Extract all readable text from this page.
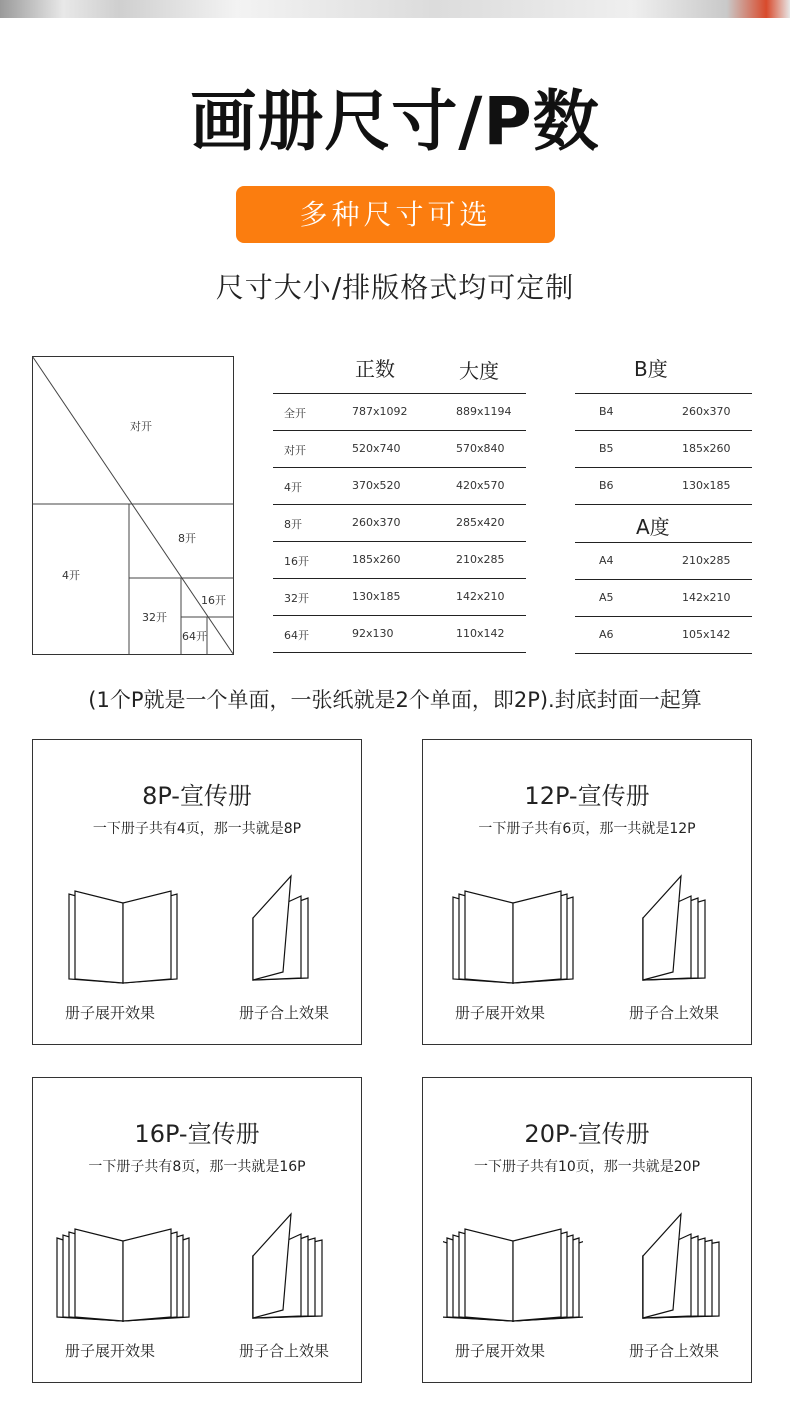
画册尺寸/P数
多种尺寸可选
尺寸大小/排版格式均可定制
对开
8开
4开
16开
32开
64开
正数	大度
全开	787x1092	889x1194
对开	520x740	570x840
4开	370x520	420x570
8开	260x370	285x420
16开	185x260	210x285
32开	130x185	142x210
64开	92x130	110x142
B度
B4	260x370
B5	185x260
B6	130x185
A度
A4	210x285
A5	142x210
A6	105x142
(1个P就是一个单面，一张纸就是2个单面，即2P).封底封面一起算
8P-宣传册
一下册子共有4页，那一共就是8P
册子展开效果	册子合上效果
12P-宣传册
一下册子共有6页，那一共就是12P
册子展开效果	册子合上效果
16P-宣传册
一下册子共有8页，那一共就是16P
册子展开效果	册子合上效果
20P-宣传册
一下册子共有10页，那一共就是20P
册子展开效果	册子合上效果
